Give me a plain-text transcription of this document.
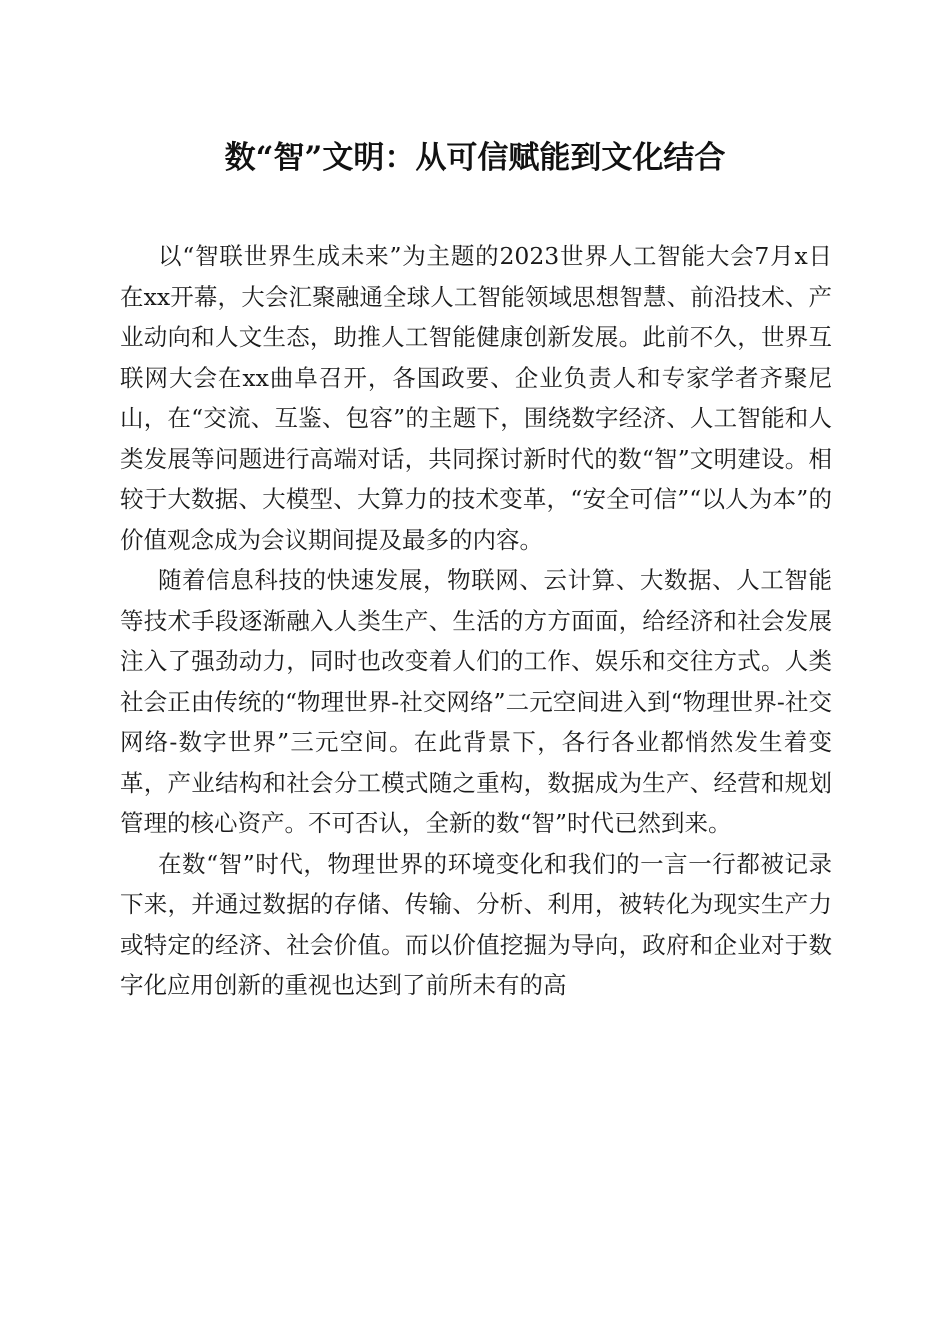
数“智”文明：从可信赋能到文化结合

以“智联世界生成未来”为主题的2023世界人工智能大会7月x日在xx开幕，大会汇聚融通全球人工智能领域思想智慧、前沿技术、产业动向和人文生态，助推人工智能健康创新发展。此前不久，世界互联网大会在xx曲阜召开，各国政要、企业负责人和专家学者齐聚尼山，在“交流、互鉴、包容”的主题下，围绕数字经济、人工智能和人类发展等问题进行高端对话，共同探讨新时代的数“智”文明建设。相较于大数据、大模型、大算力的技术变革，“安全可信”“以人为本”的价值观念成为会议期间提及最多的内容。

随着信息科技的快速发展，物联网、云计算、大数据、人工智能等技术手段逐渐融入人类生产、生活的方方面面，给经济和社会发展注入了强劲动力，同时也改变着人们的工作、娱乐和交往方式。人类社会正由传统的“物理世界-社交网络”二元空间进入到“物理世界-社交网络-数字世界”三元空间。在此背景下，各行各业都悄然发生着变革，产业结构和社会分工模式随之重构，数据成为生产、经营和规划管理的核心资产。不可否认，全新的数“智”时代已然到来。

在数“智”时代，物理世界的环境变化和我们的一言一行都被记录下来，并通过数据的存储、传输、分析、利用，被转化为现实生产力或特定的经济、社会价值。而以价值挖掘为导向，政府和企业对于数字化应用创新的重视也达到了前所未有的高
